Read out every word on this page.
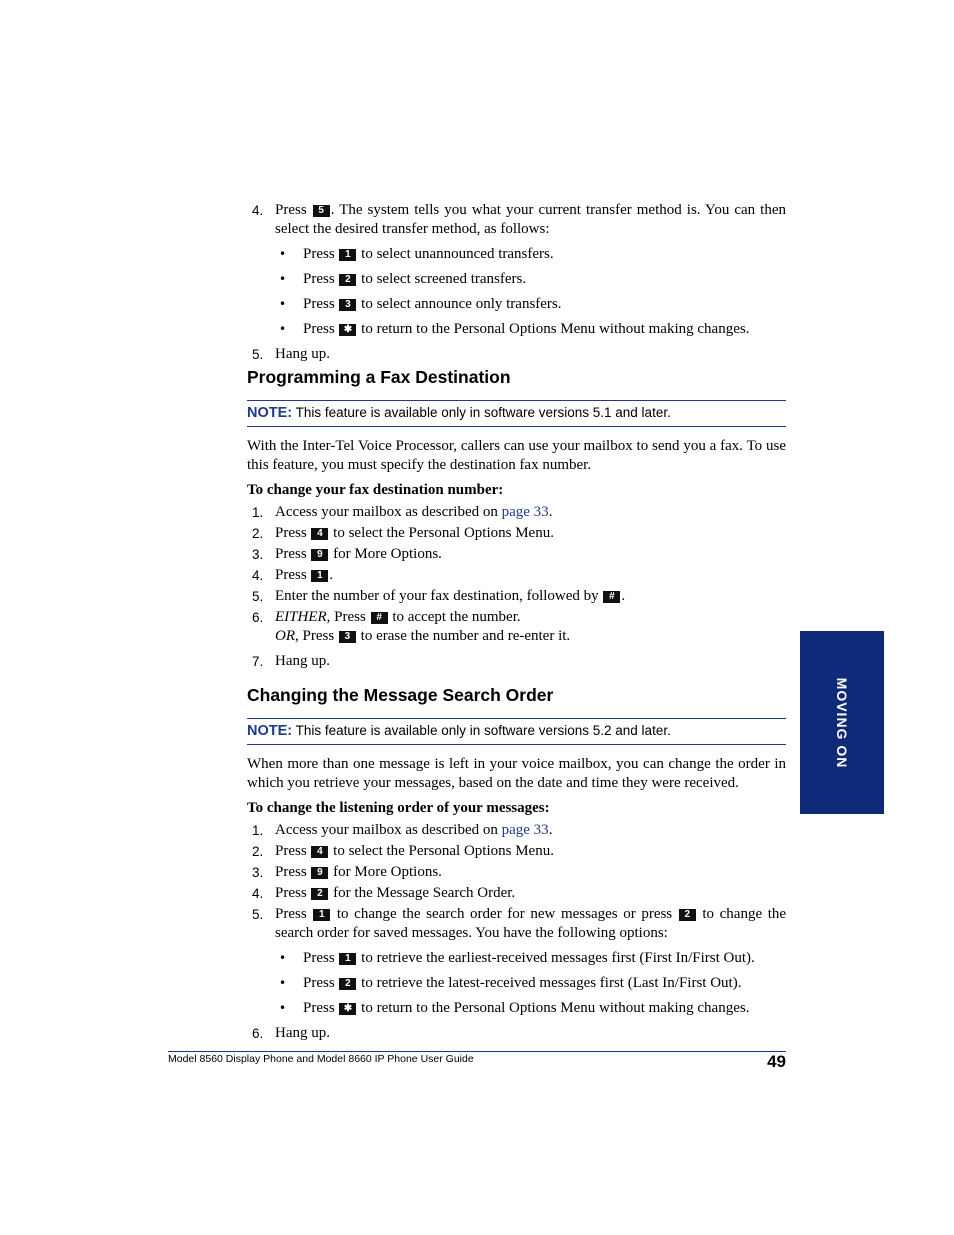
4. Press 5 . The system tells you what your current transfer method is. You can then select the desired transfer method, as follows:
• Press 1 to select unannounced transfers.
• Press 2 to select screened transfers.
• Press 3 to select announce only transfers.
• Press ✱ to return to the Personal Options Menu without making changes.
5. Hang up.
Programming a Fax Destination
NOTE: This feature is available only in software versions 5.1 and later.
With the Inter-Tel Voice Processor, callers can use your mailbox to send you a fax. To use this feature, you must specify the destination fax number.
To change your fax destination number:
1. Access your mailbox as described on page 33.
2. Press 4 to select the Personal Options Menu.
3. Press 9 for More Options.
4. Press 1 .
5. Enter the number of your fax destination, followed by # .
6. EITHER, Press # to accept the number.
OR, Press 3 to erase the number and re-enter it.
7. Hang up.
Changing the Message Search Order
NOTE: This feature is available only in software versions 5.2 and later.
When more than one message is left in your voice mailbox, you can change the order in which you retrieve your messages, based on the date and time they were received.
To change the listening order of your messages:
1. Access your mailbox as described on page 33.
2. Press 4 to select the Personal Options Menu.
3. Press 9 for More Options.
4. Press 2 for the Message Search Order.
5. Press 1 to change the search order for new messages or press 2 to change the search order for saved messages. You have the following options:
• Press 1 to retrieve the earliest-received messages first (First In/First Out).
• Press 2 to retrieve the latest-received messages first (Last In/First Out).
• Press ✱ to return to the Personal Options Menu without making changes.
6. Hang up.
MOVING ON
Model 8560 Display Phone and Model 8660 IP Phone User Guide	49
